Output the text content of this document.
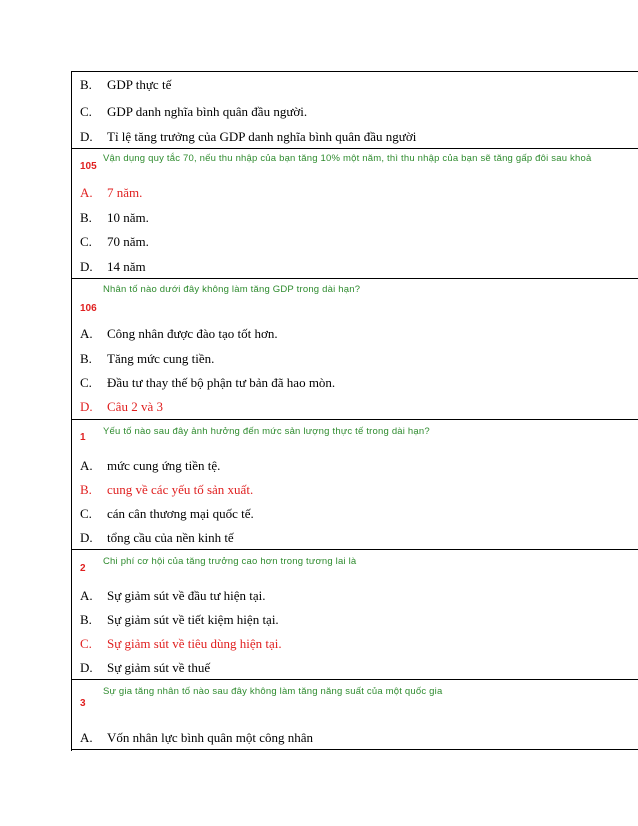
B. GDP thực tế
C. GDP danh nghĩa bình quân đầu người.
D. Tỉ lệ tăng trưởng của GDP danh nghĩa bình quân đầu người
Vận dụng quy tắc 70, nếu thu nhập của bạn tăng 10% một năm, thì thu nhập của bạn sẽ tăng gấp đôi sau khoả
105
A. 7 năm.
B. 10 năm.
C. 70 năm.
D. 14 năm
Nhân tố nào dưới đây không làm tăng GDP trong dài hạn?
106
A. Công nhân được đào tạo tốt hơn.
B. Tăng mức cung tiền.
C. Đầu tư thay thế bộ phận tư bản đã hao mòn.
D. Câu 2 và 3
Yếu tố nào sau đây ảnh hưởng đến mức sản lượng thực tế trong dài hạn?
1
A. mức cung ứng tiền tệ.
B. cung về các yếu tố sản xuất.
C. cán cân thương mại quốc tế.
D. tổng cầu của nền kinh tế
Chi phí cơ hội của tăng trưởng cao hơn trong tương lai là
2
A. Sự giảm sút về đầu tư hiện tại.
B. Sự giảm sút về tiết kiệm hiện tại.
C. Sự giảm sút về tiêu dùng hiện tại.
D. Sự giảm sút về thuế
Sự gia tăng nhân tố nào sau đây không làm tăng năng suất của một quốc gia
3
A. Vốn nhân lực bình quân một công nhân
